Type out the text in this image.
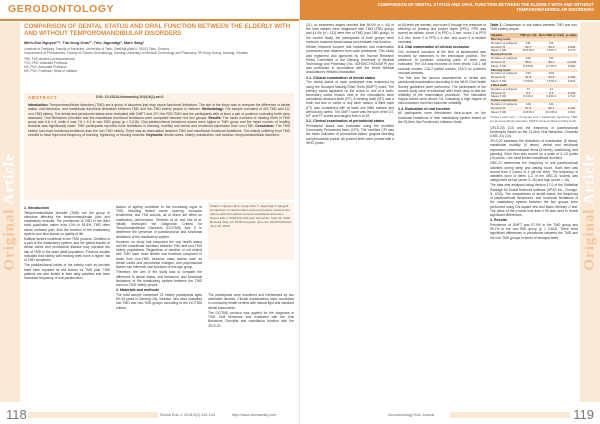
GERODONTOLOGY
Original Article
COMPARISON OF DENTAL STATUS AND ORAL FUNCTION BETWEEN THE ELDERLY WITH AND WITHOUT TEMPOROMANDIBULAR DISORDERS
Minh-Son Nguyen¹²*, Tiia Voog-Oras¹², Triin Jagomägi¹, Mare Saag¹
¹Institute of Dentistry, Faculty of Medicine, University of Tartu, Raekoja plats 6, 51003 Tartu, Estonia
²Department of Periodontics, Faculty of Odonto-Stomatology, Danang University of Medical Technology and Pharmacy, 99 Hung Vuong, Danang, Vietnam
*MS, PhD student (correspondence)
TVO, PhD, Assistant Professor
MS, PhD, Associate Professor
MS, PhD, Professor, Head of Institute
ABSTRACT	DOI: 10.25241/stomaeduj.2018.8(2).art.6
Introduction: Temporomandibular disorders (TMD) are a group of disorders that may cause functional limitations. The aim of the study was to compare the difference in dental status, oral behaviour, and mandibular functional limitations between TMD and non-TMD elderly people in Vietnam. Methodology: The sample consisted of 443 TMD and 112 non-TMD elderly. The dental and periodontal status were evaluated with DMFT and CPI, the RDC/TMD and the participants with at least a pair of posterior occluding teeth were assessed. Oral Behaviors Checklist and the mandibular functional limitations were compared between the two groups. Results: The mean numbers of missing teeth in TMD group was 6.6 ± 6, while it was 7.6 ± 6.4 in non-TMD group (p = 0.016). Oral parafunctional behaviour scores were higher in TMD group and the mean number of healthy sextants was significantly lower. TMD participants reported more limitations in chewing, mobility and verbal and emotional expression than non-TMD. Conclusion: The TMD elderly had more functional limitations than the non-TMD elderly. There was an association between TMD and mandibular functional limitations. The elderly suffering from TMD needed to have improved frequency of chewing, tightening, or tensing muscles. Keywords: dental caries, elderly, mastication, oral function, temporomandibular disorders.
1. Introduction

Temporomandibular disorder (TMD) are the group of disorders affecting the temporomandibular joint and masticatory muscles. The prevalence of TMD in the older adult population varies from 10% to 54.5%. TMD often cause orofacial pain, limit the function of the masticatory system, and also impact on quality of life.

Multiple factors contribute to the TMD process. Dentition is a part of the masticatory system, and the global burden of dental caries and periodontal disease may increase the risk of TMD in the older adult population. Previous studies indicated that elderly with missing teeth have a higher risk of TMD symptoms.

The parafunctional habits of the elderly such as bruxism have been reported as risk factors for TMD pain. TMD patients are also limited in their daily activities and have increased frequency of oral parafunction.

factors of ageing contribute to the increasing signs of TMD, including limited mouth opening, muscular tenderness, and TMJ sounds, all of which are effect on masticatory performance. Ohrbach et al. and Mai et al. initially developed the Diagnostic Criteria for Temporomandibular Disorders (DC/TMD) Axis II to determine the presence of parafunctional and functional limitations of the masticatory system.

However, no study has compared the oral health status and the mandibular functions between TMD and non-TMD elderly populations. Regardless of whether or not elderly with TMD have more limited oral functions compared to those from non-TMD, because many factors such as dental caries and periodontal changes, and psychosocial factors can influence oral functions of this age group.

Therefore, the aim of the study was to compare the difference in dental status, oral behaviour, and functional limitations of the masticatory system between the TMD and non-TMD elderly people.

2. Materials and methods

The total sample comprised 22 elderly participants aged 65–94 years in Danang City, Vietnam, who were classified into TMD and non-TMD groups according to the DC/TMD criteria.

The participants were examined and interviewed by two calibrated dentists. Clinical examinations were conducted in community health centres with natural light and standard dental instruments.

The DC/TMD protocol was applied for the diagnosis of TMD. Oral behaviour was evaluated with the Oral Behaviors Checklist and mandibular function with the JFLS-20.

Citation: Nguyen M-S, Voog-Oras T, Jagomägi T, Saag M. Comparison of dental status and oral function between the elderly with and without temporomandibular disorders. Stoma Edu J. 2018;5(2):116-124. Received: April 03, 2018 Revised: May 12, 2018 Accepted: June 04, 2018 Published: June 06, 2018
118	Stoma Edu J. 2018;5(2):116-124	http://www.stomaeduj.com
COMPARISON OF DENTAL STATUS AND ORAL FUNCTION BETWEEN THE ELDERLY WITH AND WITHOUT TEMPOROMANDIBULAR DISORDERS
Original Article

(11), so examiners stayed resulted that 58.6% (n = 44) of the total sample were diagnosed with TMD (TMD group) and 41.4% (n = 112) were free of TMD (non-TMD group). In the current study, the participants of both groups were invited to examine dental status and evaluate oral function.

Written informed consent that explained oral examination procedures was obtained from each participant. This study was registered and approved by the Human Research Ethics Committee of the Danang University of Medical Technology and Pharmacy (No. 02/HDNCYH/DUMTP) and was performed in accordance with the World Medical Association's Helsinki Declaration.

2.1. Clinical examination of dental status

The dental status of each participant was examined by using the Decayed Missing Filled Teeth (DMFT) index. The primary caries appeared on the crown or root of a tooth; secondary caries lesions next to the restorations were considered decayed teeth (DT). A missing tooth (MT) was a tooth lost due to caries or any other reason. A filled tooth (FT) was considered with at least one filled surface and without any caries. The DMFT score was the sum of the DT, MT, and FT scores and ranged from 0 to 32.

2.2. Clinical examination of periodontal status

Periodontal status was evaluated using the modified Community Periodontal Index (CPI). The modified CPI was the index indicative of periodontal status: gingival bleeding and periodontal pocket. All present teeth were probed with a WHO probe.

at (6) teeth per sextant, and score 0 through the presence of bleeding on probing and pocket depth (PPD). PPD was scored as follows: score 0 is PPD ≤ 3 mm, score 1 is PPD 4–5 mm, score 2 is PPD ≥ 6 mm, and score X is sextant excluded.

2.3. Oral examination of clinical occlusion

CIA, extraoral occlusion at the time of assessment was recorded by examiners in the intercuspal position. The presence of posterior occluding pairs of teeth was evaluated. The CIA was recorded on three levels: CIA-1 full occlusal contact, CIA-2 partial contact, CIA-3 no posterior occlusal contacts.

The first and the second assessments of dental and periodontal examinations according to the WHO Oral Health Survey guidelines were performed. The participants of the current study were re-examined after three days to test the reliability of the examination procedure. The calculated Kappa values were above 0.8, indicating a high degree of intra-examiner and inter-examiner reliability.

2.4. Evaluation of oral function

All participants were interviewed face-to-face on the functional limitations of their masticatory system based on the 20-item Jaw Functional Limitation Scale.

Table 1. Comparison of oral status between TMD and non-TMD elderly people.
Variable	TMD (n=44)	Non-TMD (n=112)	p-value
Missing teeth			
Number of subjects	131	111	
Percent %	89.7	99.2	0.004
Mean ± SD	10.3±8.5	7.6±6.7	0.073
Decayed teeth			
Number of subjects	126	111	
Percent %	86.3	99.1	<0.001
Mean ± SD	6.3±5.8	8.7±5.4	0.004
Missing teeth			
Number of subjects	134	106	
Percent %	91.8	94.6	0.463
Mean ± SD	7.6±6.6	7.4±6.4	0.016
Filled teeth			
Number of subjects	72	11	
Percent %	0.3	0.4	1.000
Mean ± SD	0.2±0.1	0.2±0.1	0.713
Caries experience			
Number of subjects	140	111	
Percent %	97.9	99.1	0.222
Mean ± SD	13.8±9.1	10.2±8.2	0.001
*Fisher's exact test; † chi-square test; ‡ statistically significant; TMD: temporomandibular disorders; DMFT: Decayed Missing Filled Teeth.

(JFLS-20) (13) and the frequency of parafunctional behaviours based on the 21-item Oral Behaviour Checklist (OBC-21) (14).

JFLS-20 assesses the limitations of mastication (6 items), mandibular mobility (4 items), verbal and emotional expression communication items (8 items), swallowing, and yawning. Each item was scored on a scale of 0–10 points (10 points = the most limited mandibular function).

OBC-21 determines the frequency of oral parafunctional activities during sleep and waking hours. Each item was scored from 0 (none) to 4 (all the time). The frequency of activities (sum of items 1–2 of the OBC-21 scores) was categorised as low (score 0–16) and high (score > 16).

The data was analysed using Version 17.0 of the Statistical Package for Social Sciences software (SPSS Inc., Chicago, IL, USA). The comparisons of dental status, the frequency of parafunctional behaviours, and functional limitations of the masticatory system between the two groups were performed using Chi-square test and Mann-Whitney U test. The value of the p-value less than 0.05 was used to reveal significant differences.

3. Results

Prevalence of DMFT was 97.9% in the TMD group and 99.1% in the non-TMD group (p = 0.622). There were significant differences in prevalence between the TMD and the non-TMD groups in terms of decayed teeth.

Gerodontology Edu Journal	119
